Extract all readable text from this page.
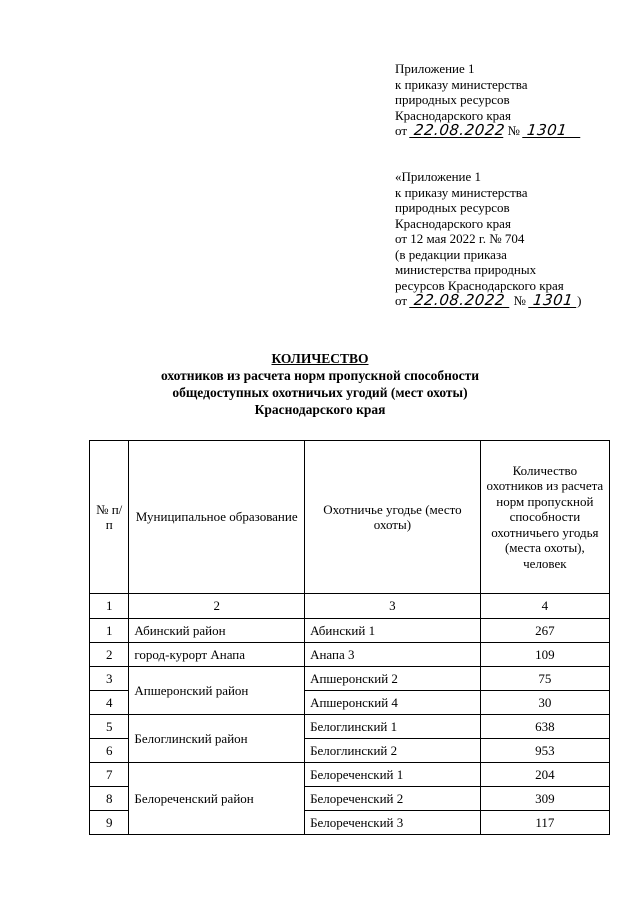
Приложение 1
к приказу министерства
природных ресурсов
Краснодарского края
от 22.08.2022 № 1301
«Приложение 1
к приказу министерства
природных ресурсов
Краснодарского края
от 12 мая 2022 г. № 704
(в редакции приказа
министерства природных
ресурсов Краснодарского края
от 22.08.2022 № 1301 )
КОЛИЧЕСТВО
охотников из расчета норм пропускной способности
общедоступных охотничьих угодий (мест охоты)
Краснодарского края
№ п/п	Муниципальное образование	Охотничье угодье (место охоты)	Количество охотников из расчета норм пропускной способности охотничьего угодья (места охоты), человек
1	2	3	4
1	Абинский район	Абинский 1	267
2	город-курорт Анапа	Анапа 3	109
3	Апшеронский район	Апшеронский 2	75
4		Апшеронский 4	30
5	Белоглинский район	Белоглинский 1	638
6		Белоглинский 2	953
7	Белореченский район	Белореченский 1	204
8		Белореченский 2	309
9		Белореченский 3	117
